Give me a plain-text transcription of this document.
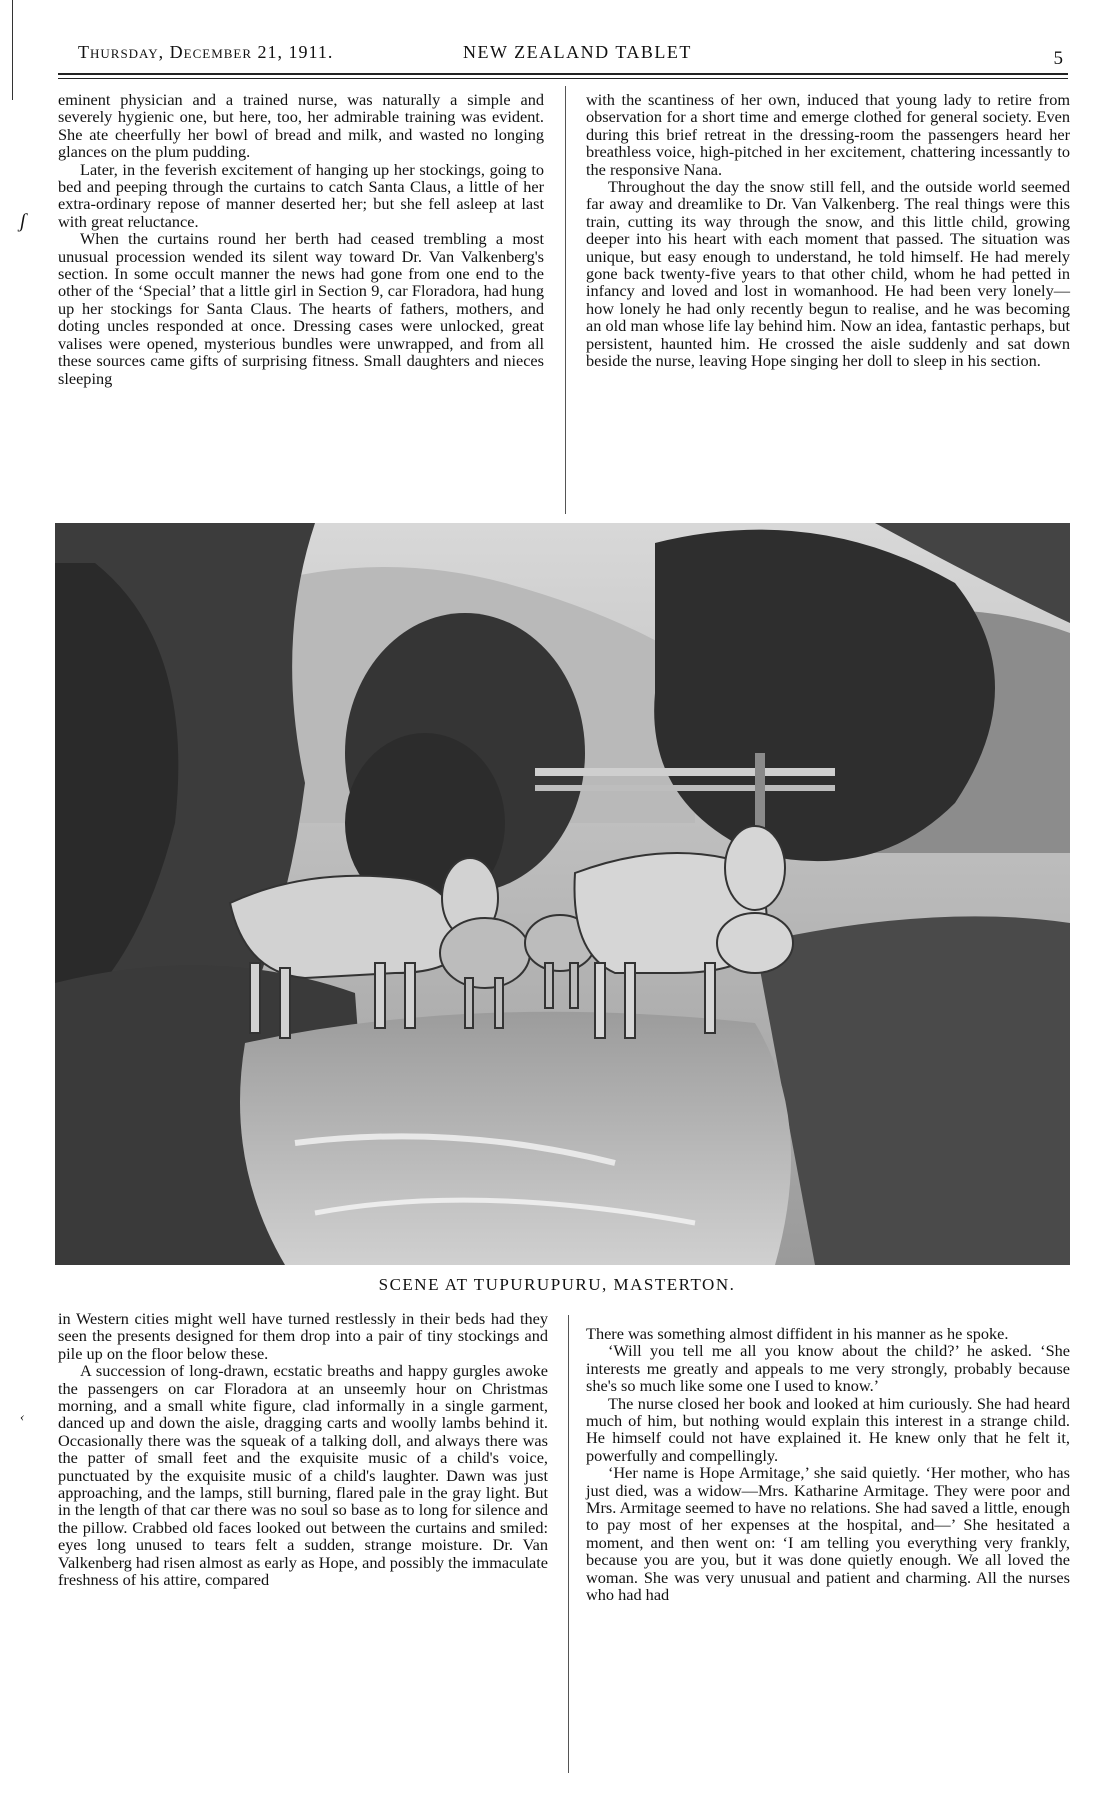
Thursday, December 21, 1911.	NEW ZEALAND TABLET	5

eminent physician and a trained nurse, was naturally a simple and severely hygienic one, but here, too, her admirable training was evident. She ate cheerfully her bowl of bread and milk, and wasted no longing glances on the plum pudding.

Later, in the feverish excitement of hanging up her stockings, going to bed and peeping through the curtains to catch Santa Claus, a little of her extra-ordinary repose of manner deserted her; but she fell asleep at last with great reluctance.

When the curtains round her berth had ceased trembling a most unusual procession wended its silent way toward Dr. Van Valkenberg's section. In some occult manner the news had gone from one end to the other of the ‘Special’ that a little girl in Section 9, car Floradora, had hung up her stockings for Santa Claus. The hearts of fathers, mothers, and doting uncles responded at once. Dressing cases were unlocked, great valises were opened, mysterious bundles were unwrapped, and from all these sources came gifts of surprising fitness. Small daughters and nieces sleeping

with the scantiness of her own, induced that young lady to retire from observation for a short time and emerge clothed for general society. Even during this brief retreat in the dressing-room the passengers heard her breathless voice, high-pitched in her excitement, chattering incessantly to the responsive Nana.

Throughout the day the snow still fell, and the outside world seemed far away and dreamlike to Dr. Van Valkenberg. The real things were this train, cutting its way through the snow, and this little child, growing deeper into his heart with each moment that passed. The situation was unique, but easy enough to understand, he told himself. He had merely gone back twenty-five years to that other child, whom he had petted in infancy and loved and lost in womanhood. He had been very lonely—how lonely he had only recently begun to realise, and he was becoming an old man whose life lay behind him. Now an idea, fantastic perhaps, but persistent, haunted him. He crossed the aisle suddenly and sat down beside the nurse, leaving Hope singing her doll to sleep in his section.

ʃ
SCENE AT TUPURUPURU, MASTERTON.

in Western cities might well have turned restlessly in their beds had they seen the presents designed for them drop into a pair of tiny stockings and pile up on the floor below these.

A succession of long-drawn, ecstatic breaths and happy gurgles awoke the passengers on car Floradora at an unseemly hour on Christmas morning, and a small white figure, clad informally in a single garment, danced up and down the aisle, dragging carts and woolly lambs behind it. Occasionally there was the squeak of a talking doll, and always there was the patter of small feet and the exquisite music of a child's voice, punctuated by the exquisite music of a child's laughter. Dawn was just approaching, and the lamps, still burning, flared pale in the gray light. But in the length of that car there was no soul so base as to long for silence and the pillow. Crabbed old faces looked out between the curtains and smiled: eyes long unused to tears felt a sudden, strange moisture. Dr. Van Valkenberg had risen almost as early as Hope, and possibly the immaculate freshness of his attire, compared

There was something almost diffident in his manner as he spoke.

‘Will you tell me all you know about the child?’ he asked. ‘She interests me greatly and appeals to me very strongly, probably because she's so much like some one I used to know.’

The nurse closed her book and looked at him curiously. She had heard much of him, but nothing would explain this interest in a strange child. He himself could not have explained it. He knew only that he felt it, powerfully and compellingly.

‘Her name is Hope Armitage,’ she said quietly. ‘Her mother, who has just died, was a widow—Mrs. Katharine Armitage. They were poor and Mrs. Armitage seemed to have no relations. She had saved a little, enough to pay most of her expenses at the hospital, and—’ She hesitated a moment, and then went on: ‘I am telling you everything very frankly, because you are you, but it was done quietly enough. We all loved the woman. She was very unusual and patient and charming. All the nurses who had had

‹
